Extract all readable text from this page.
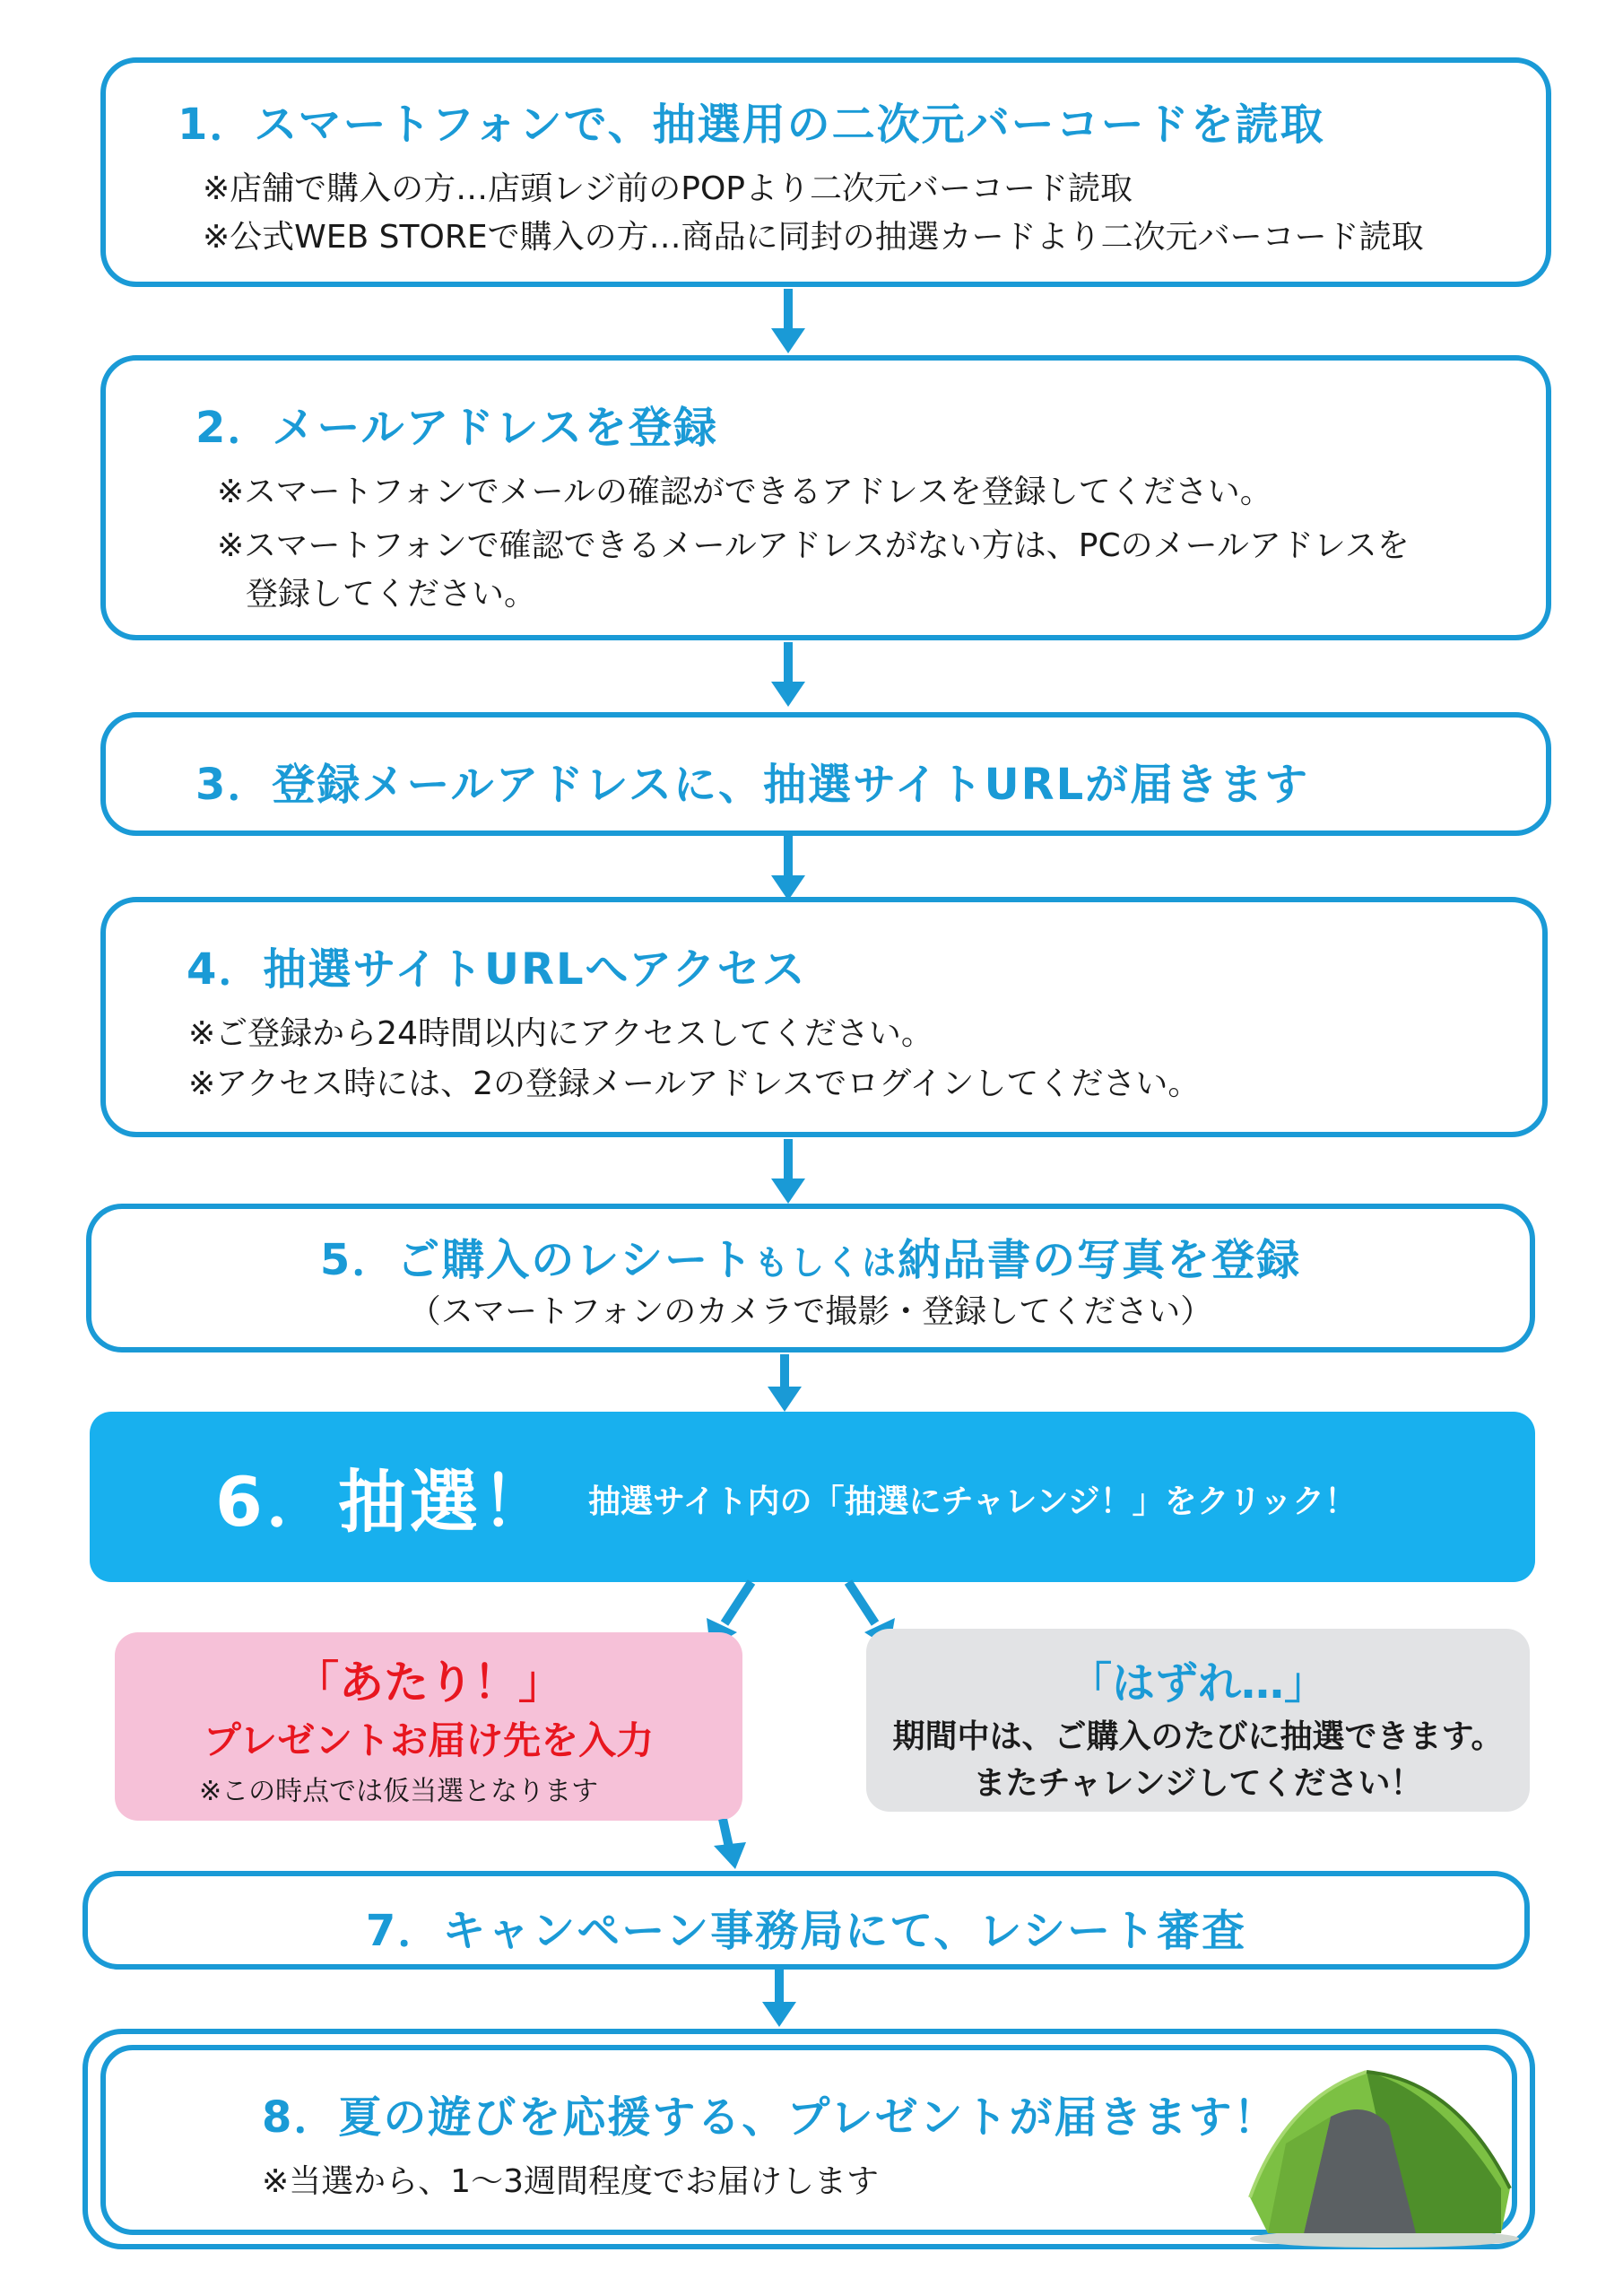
1．スマートフォンで、抽選用の二次元バーコードを読取
※店舗で購入の方…店頭レジ前のPOPより二次元バーコード読取
※公式WEB STOREで購入の方…商品に同封の抽選カードより二次元バーコード読取
2．メールアドレスを登録
※スマートフォンでメールの確認ができるアドレスを登録してください。
※スマートフォンで確認できるメールアドレスがない方は、PCのメールアドレスを
登録してください。
3．登録メールアドレスに、抽選サイトURLが届きます
4．抽選サイトURLへアクセス
※ご登録から24時間以内にアクセスしてください。
※アクセス時には、2の登録メールアドレスでログインしてください。
5．ご購入のレシートもしくは納品書の写真を登録
（スマートフォンのカメラで撮影・登録してください）
6．抽選！ 抽選サイト内の「抽選にチャレンジ！」をクリック！
「あたり！」
プレゼントお届け先を入力
※この時点では仮当選となります
「はずれ…」
期間中は、ご購入のたびに抽選できます。
またチャレンジしてください！
7．キャンペーン事務局にて、レシート審査
8．夏の遊びを応援する、プレゼントが届きます！
※当選から、1〜3週間程度でお届けします
